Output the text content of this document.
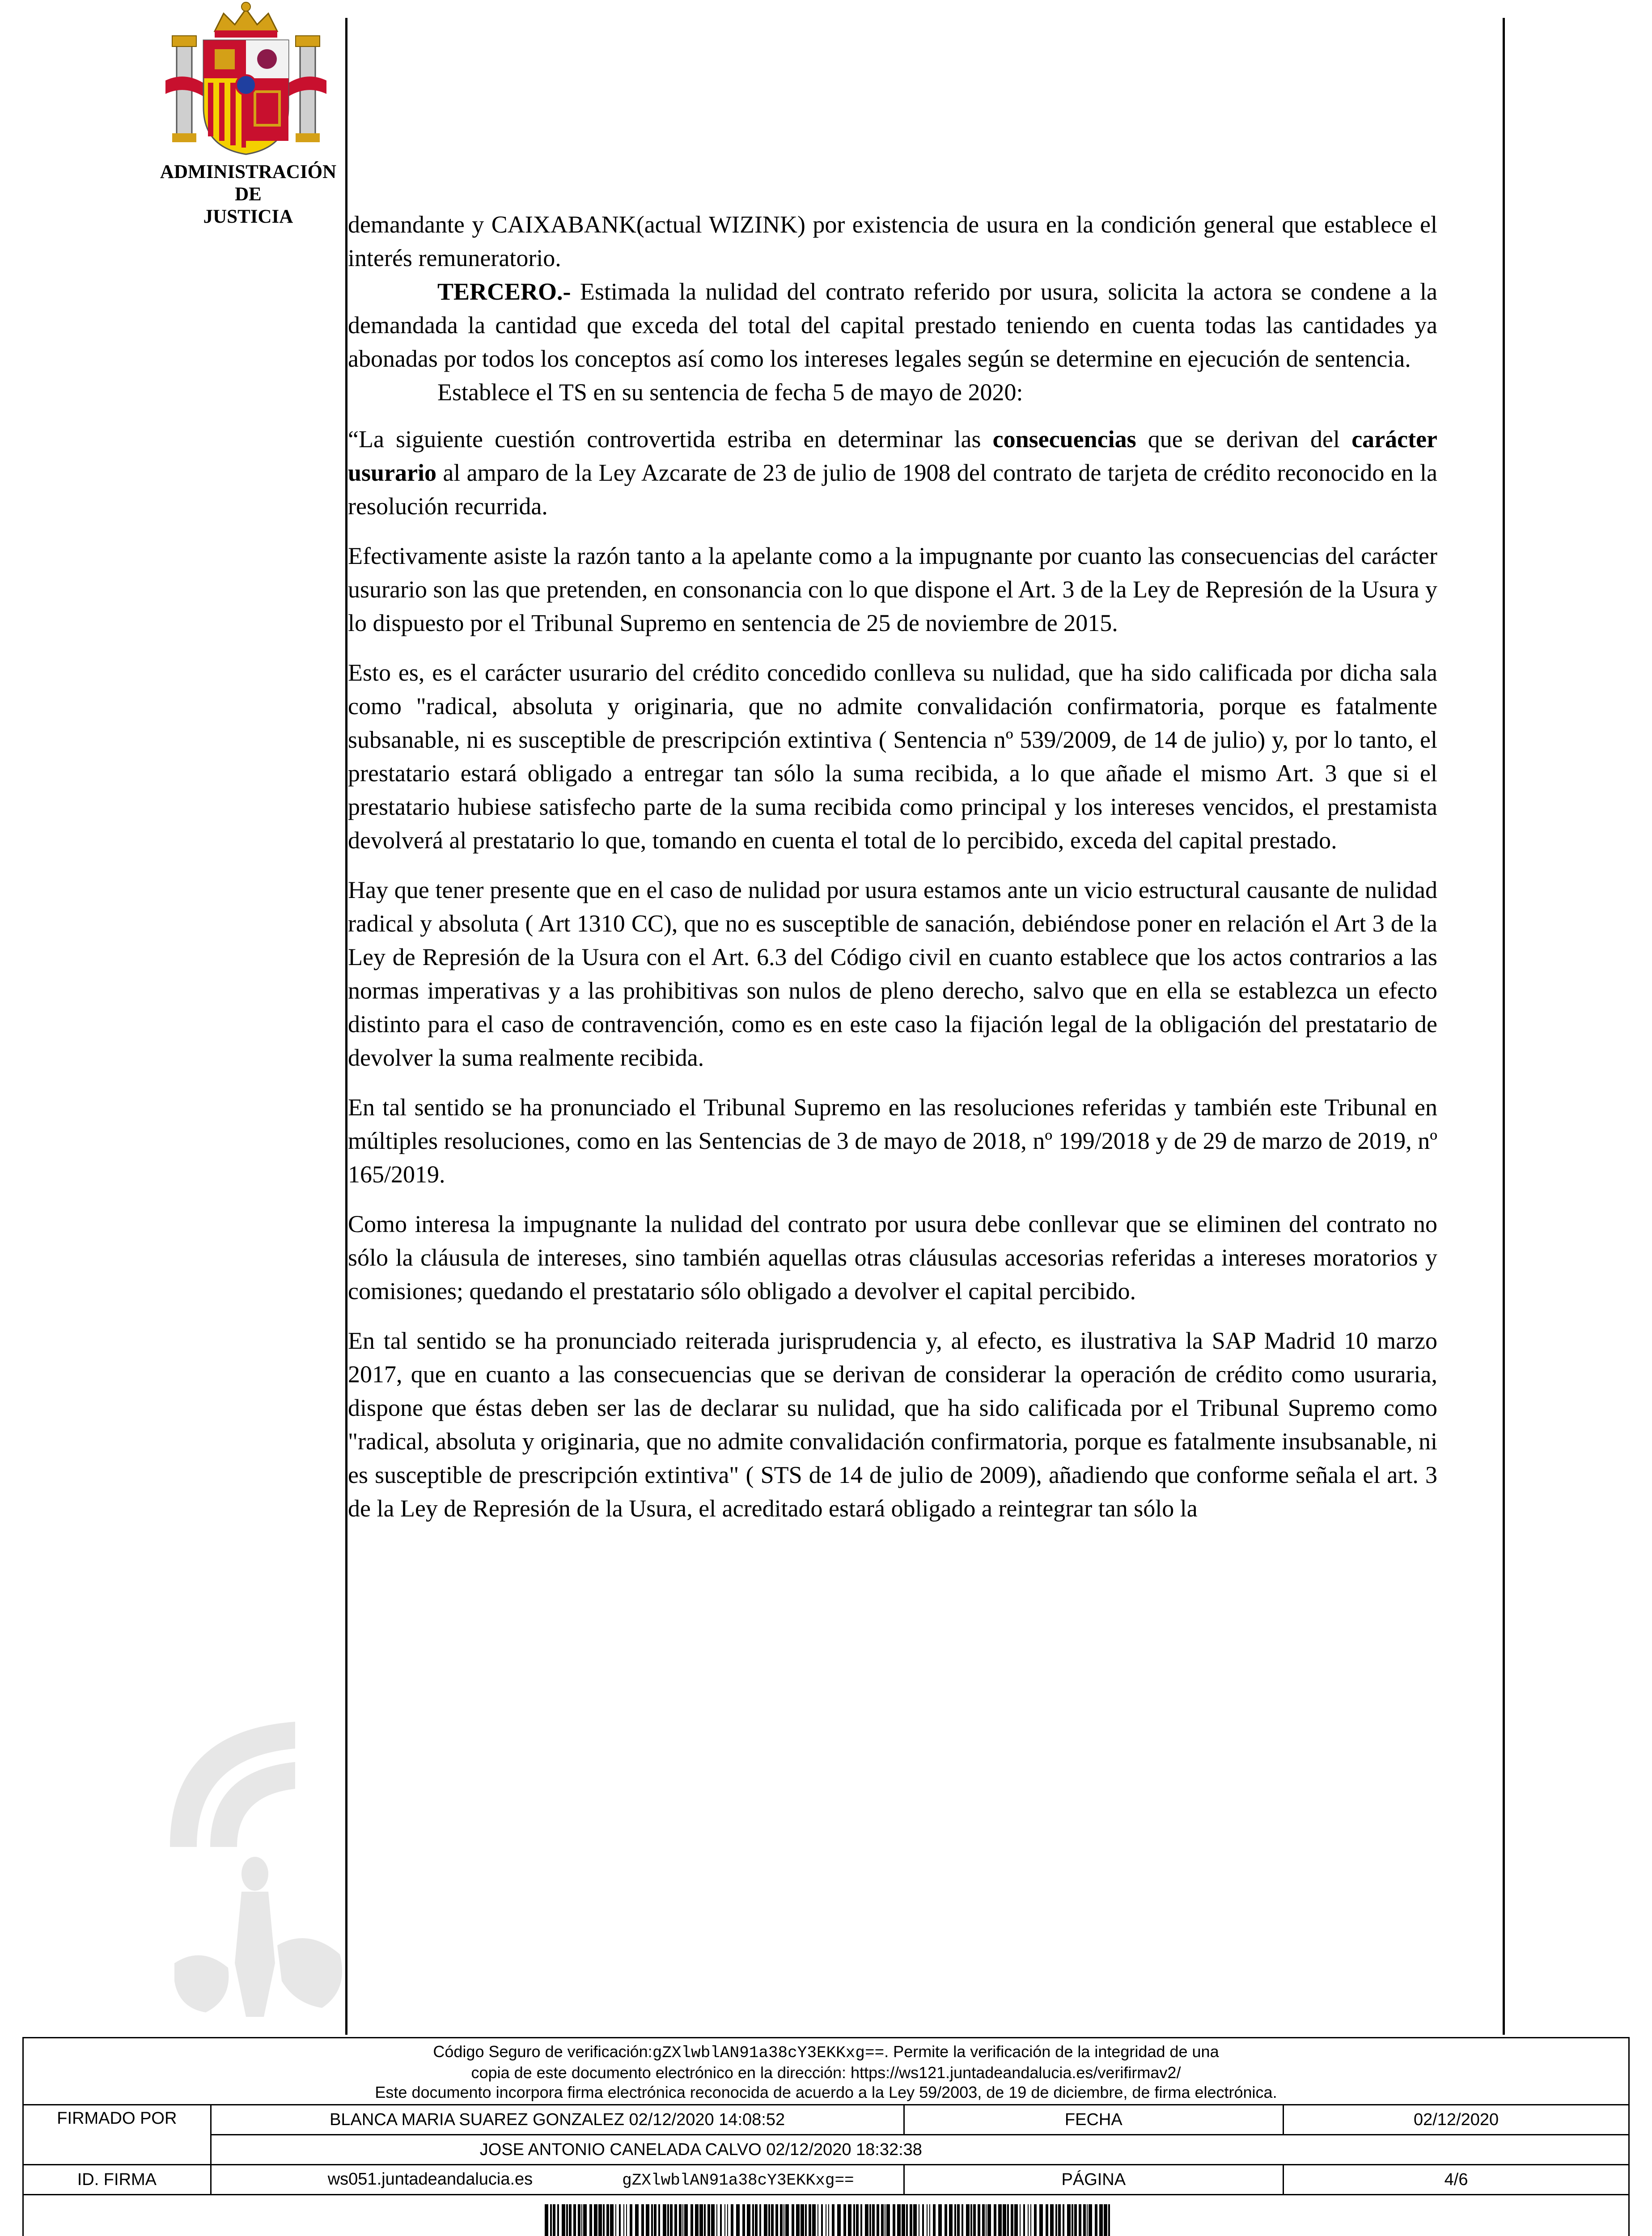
ADMINISTRACIÓN
DE
JUSTICIA	demandante y CAIXABANK(actual WIZINK) por existencia de usura en la condición general que establece el interés remuneratorio.

TERCERO.- Estimada la nulidad del contrato referido por usura, solicita la actora se condene a la demandada la cantidad que exceda del total del capital prestado teniendo en cuenta todas las cantidades ya abonadas por todos los conceptos así como los intereses legales según se determine en ejecución de sentencia.

Establece el TS en su sentencia de fecha 5 de mayo de 2020:

“La siguiente cuestión controvertida estriba en determinar las consecuencias que se derivan del carácter usurario al amparo de la Ley Azcarate de 23 de julio de 1908 del contrato de tarjeta de crédito reconocido en la resolución recurrida.

Efectivamente asiste la razón tanto a la apelante como a la impugnante por cuanto las consecuencias del carácter usurario son las que pretenden, en consonancia con lo que dispone el Art. 3 de la Ley de Represión de la Usura y lo dispuesto por el Tribunal Supremo en sentencia de 25 de noviembre de 2015.

Esto es, es el carácter usurario del crédito concedido conlleva su nulidad, que ha sido calificada por dicha sala como "radical, absoluta y originaria, que no admite convalidación confirmatoria, porque es fatalmente subsanable, ni es susceptible de prescripción extintiva ( Sentencia nº 539/2009, de 14 de julio) y, por lo tanto, el prestatario estará obligado a entregar tan sólo la suma recibida, a lo que añade el mismo Art. 3 que si el prestatario hubiese satisfecho parte de la suma recibida como principal y los intereses vencidos, el prestamista devolverá al prestatario lo que, tomando en cuenta el total de lo percibido, exceda del capital prestado.

Hay que tener presente que en el caso de nulidad por usura estamos ante un vicio estructural causante de nulidad radical y absoluta ( Art 1310 CC), que no es susceptible de sanación, debiéndose poner en relación el Art 3 de la Ley de Represión de la Usura con el Art. 6.3 del Código civil en cuanto establece que los actos contrarios a las normas imperativas y a las prohibitivas son nulos de pleno derecho, salvo que en ella se establezca un efecto distinto para el caso de contravención, como es en este caso la fijación legal de la obligación del prestatario de devolver la suma realmente recibida.

En tal sentido se ha pronunciado el Tribunal Supremo en las resoluciones referidas y también este Tribunal en múltiples resoluciones, como en las Sentencias de 3 de mayo de 2018, nº 199/2018 y de 29 de marzo de 2019, nº 165/2019.

Como interesa la impugnante la nulidad del contrato por usura debe conllevar que se eliminen del contrato no sólo la cláusula de intereses, sino también aquellas otras cláusulas accesorias referidas a intereses moratorios y comisiones; quedando el prestatario sólo obligado a devolver el capital percibido.

En tal sentido se ha pronunciado reiterada jurisprudencia y, al efecto, es ilustrativa la SAP Madrid 10 marzo 2017, que en cuanto a las consecuencias que se derivan de considerar la operación de crédito como usuraria, dispone que éstas deben ser las de declarar su nulidad, que ha sido calificada por el Tribunal Supremo como "radical, absoluta y originaria, que no admite convalidación confirmatoria, porque es fatalmente insubsanable, ni es susceptible de prescripción extintiva" ( STS de 14 de julio de 2009), añadiendo que conforme señala el art. 3 de la Ley de Represión de la Usura, el acreditado estará obligado a reintegrar tan sólo la

Código Seguro de verificación:gZXlwblAN91a38cY3EKKxg==. Permite la verificación de la integridad de una
copia de este documento electrónico en la dirección: https://ws121.juntadeandalucia.es/verifirmav2/
Este documento incorpora firma electrónica reconocida de acuerdo a la Ley 59/2003, de 19 de diciembre, de firma electrónica.
FIRMADO POR	BLANCA MARIA SUAREZ GONZALEZ 02/12/2020 14:08:52	FECHA	02/12/2020
	JOSE ANTONIO CANELADA CALVO 02/12/2020 18:32:38		
ID. FIRMA	ws051.juntadeandalucia.es gZXlwblAN91a38cY3EKKxg==	PÁGINA	4/6
